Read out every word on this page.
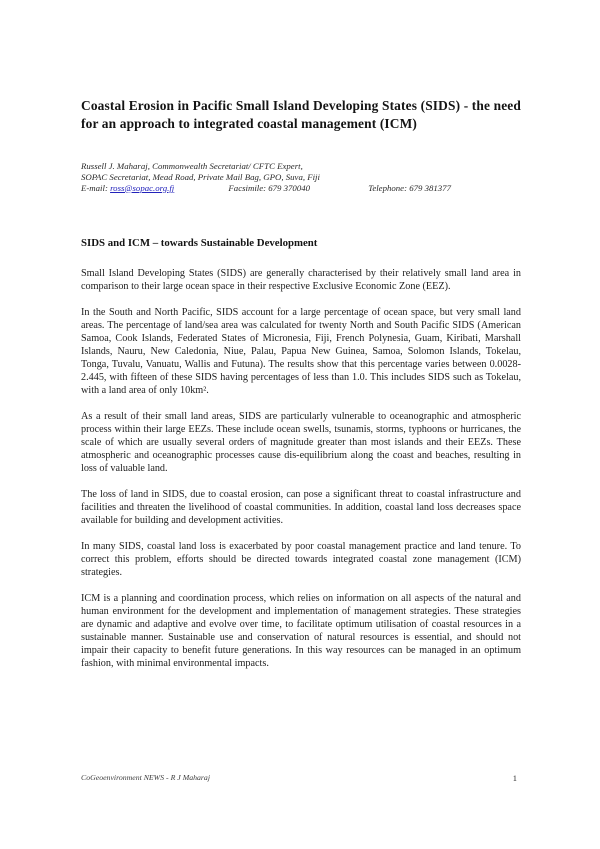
Coastal Erosion in Pacific Small Island Developing States (SIDS) - the need for an approach to integrated coastal management (ICM)
Russell J. Maharaj, Commonwealth Secretariat/ CFTC Expert,
SOPAC Secretariat, Mead Road, Private Mail Bag, GPO, Suva, Fiji
E-mail: ross@sopac.org.fj	Facsimile: 679 370040	Telephone: 679 381377
SIDS and ICM – towards Sustainable Development

Small Island Developing States (SIDS) are generally characterised by their relatively small land area in comparison to their large ocean space in their respective Exclusive Economic Zone (EEZ).

In the South and North Pacific, SIDS account for a large percentage of ocean space, but very small land areas. The percentage of land/sea area was calculated for twenty North and South Pacific SIDS (American Samoa, Cook Islands, Federated States of Micronesia, Fiji, French Polynesia, Guam, Kiribati, Marshall Islands, Nauru, New Caledonia, Niue, Palau, Papua New Guinea, Samoa, Solomon Islands, Tokelau, Tonga, Tuvalu, Vanuatu, Wallis and Futuna). The results show that this percentage varies between 0.0028-2.445, with fifteen of these SIDS having percentages of less than 1.0. This includes SIDS such as Tokelau, with a land area of only 10km².

As a result of their small land areas, SIDS are particularly vulnerable to oceanographic and atmospheric process within their large EEZs. These include ocean swells, tsunamis, storms, typhoons or hurricanes, the scale of which are usually several orders of magnitude greater than most islands and their EEZs. These atmospheric and oceanographic processes cause dis-equilibrium along the coast and beaches, resulting in loss of valuable land.

The loss of land in SIDS, due to coastal erosion, can pose a significant threat to coastal infrastructure and facilities and threaten the livelihood of coastal communities. In addition, coastal land loss decreases space available for building and development activities.

In many SIDS, coastal land loss is exacerbated by poor coastal management practice and land tenure. To correct this problem, efforts should be directed towards integrated coastal zone management (ICM) strategies.

ICM is a planning and coordination process, which relies on information on all aspects of the natural and human environment for the development and implementation of management strategies. These strategies are dynamic and adaptive and evolve over time, to facilitate optimum utilisation of coastal resources in a sustainable manner. Sustainable use and conservation of natural resources is essential, and should not impair their capacity to benefit future generations. In this way resources can be managed in an optimum fashion, with minimal environmental impacts.

CoGeoenvironment NEWS - R J Maharaj	1
